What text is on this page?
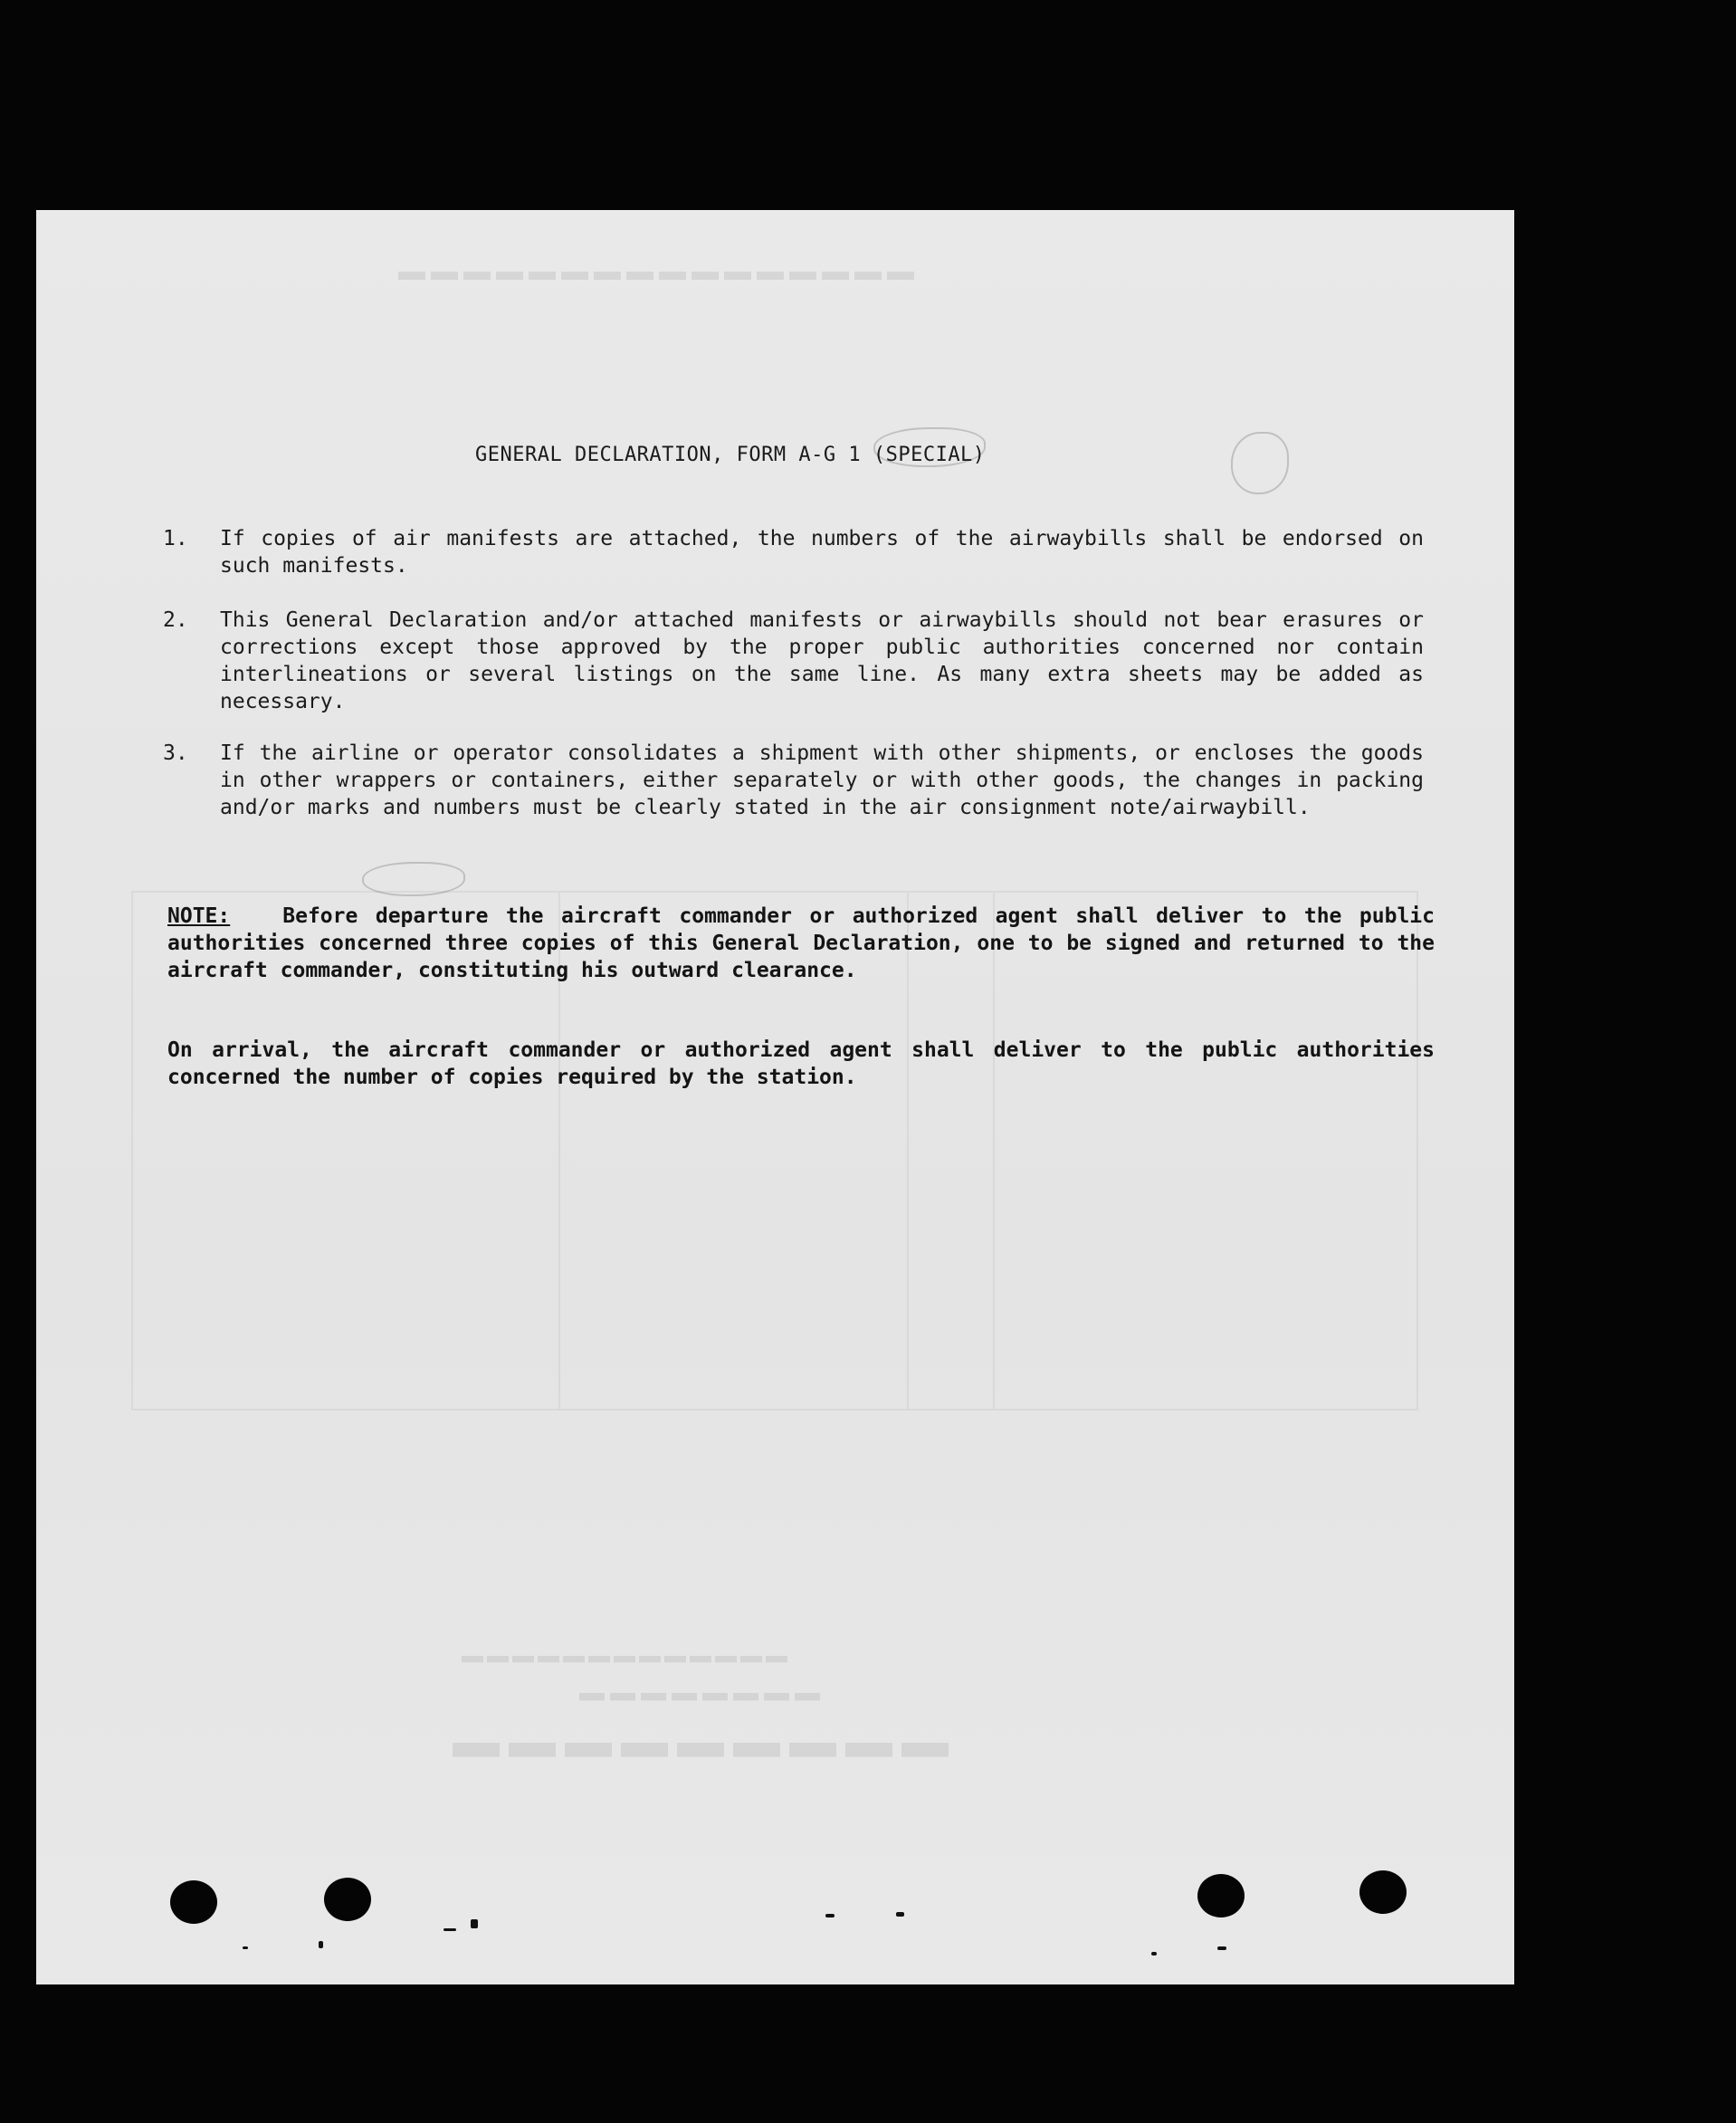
▬▬▬▬▬▬▬▬▬
▬▬▬▬▬▬▬▬
▬▬▬▬▬▬▬▬▬▬▬▬▬
▬▬▬▬▬▬▬▬▬▬▬▬▬▬▬▬
GENERAL DECLARATION, FORM A-G 1 (SPECIAL)
1. If copies of air manifests are attached, the numbers of the airwaybills shall be endorsed on such manifests.
2. This General Declaration and/or attached manifests or airwaybills should not bear erasures or corrections except those approved by the proper public authorities concerned nor contain interlineations or several listings on the same line. As many extra sheets may be added as necessary.
3. If the airline or operator consolidates a shipment with other shipments, or encloses the goods in other wrappers or containers, either separately or with other goods, the changes in packing and/or marks and numbers must be clearly stated in the air consignment note/airwaybill.
NOTE:	Before departure the aircraft commander or authorized agent shall deliver to the public authorities concerned three copies of this General Declaration, one to be signed and returned to the aircraft commander, constituting his outward clearance.
On arrival, the aircraft commander or authorized agent shall deliver to the public authorities concerned the number of copies required by the station.
